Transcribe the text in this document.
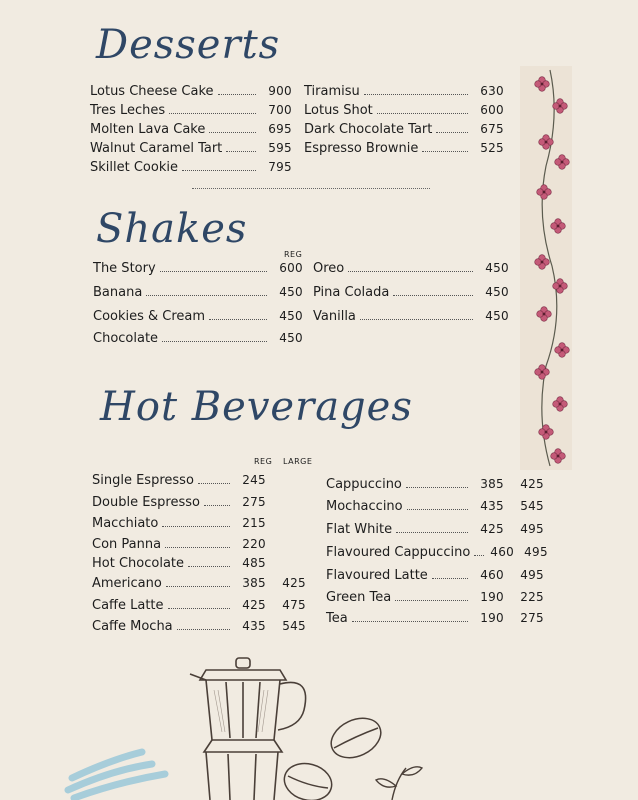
Desserts
Shakes
Hot Beverages
REG
REG LARGE
Lotus Cheese Cake	900
Tres Leches	700
Molten Lava Cake	695
Walnut Caramel Tart	595
Skillet Cookie	795
Tiramisu	630
Lotus Shot	600
Dark Chocolate Tart	675
Espresso Brownie	525
The Story	600
Banana	450
Cookies & Cream	450
Chocolate	450
Oreo	450
Pina Colada	450
Vanilla	450
Single Espresso	245
Double Espresso	275
Macchiato	215
Con Panna	220
Hot Chocolate	485
Americano	385	425
Caffe Latte	425	475
Caffe Mocha	435	545
Cappuccino	385	425
Mochaccino	435	545
Flat White	425	495
Flavoured Cappuccino 460 495
Flavoured Latte	460	495
Green Tea	190	225
Tea	190	275
